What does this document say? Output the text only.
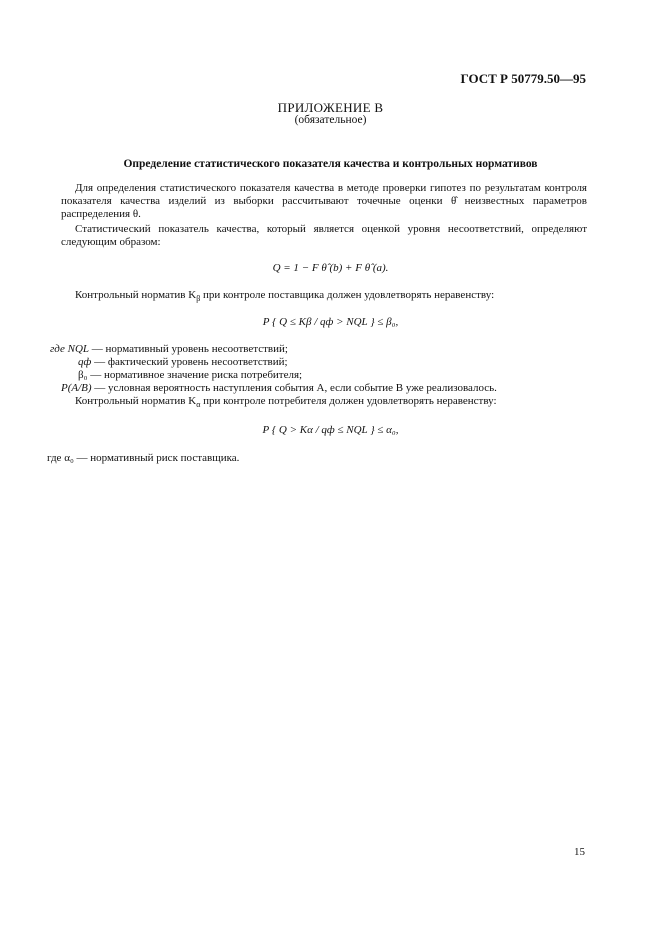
ГОСТ Р 50779.50—95
ПРИЛОЖЕНИЕ В
(обязательное)
Определение статистического показателя качества и контрольных нормативов

Для определения статистического показателя качества в методе проверки гипотез по результатам контроля показателя качества изделий из выборки рассчитывают точечные оценки θ̂ неизвестных параметров распределения θ.

Статистический показатель качества, который является оценкой уровня несоответствий, определяют следующим образом:

Q = 1 − F θ̂ (b) + F θ̂ (a).

Контрольный норматив $K_\beta$ при контроле поставщика должен удовлетворять неравенству:

P { Q ≤ Kβ / qф > NQL } ≤ β₀,
где NQL — нормативный уровень несоответствий;
qф — фактический уровень несоответствий;
β₀ — нормативное значение риска потребителя;
P(A/B) — условная вероятность наступления события A, если событие B уже реализовалось.

Контрольный норматив $K_\alpha$ при контроле потребителя должен удовлетворять неравенству:

P { Q > Kα / qф ≤ NQL } ≤ α₀,

где α₀ — нормативный риск поставщика.

15
